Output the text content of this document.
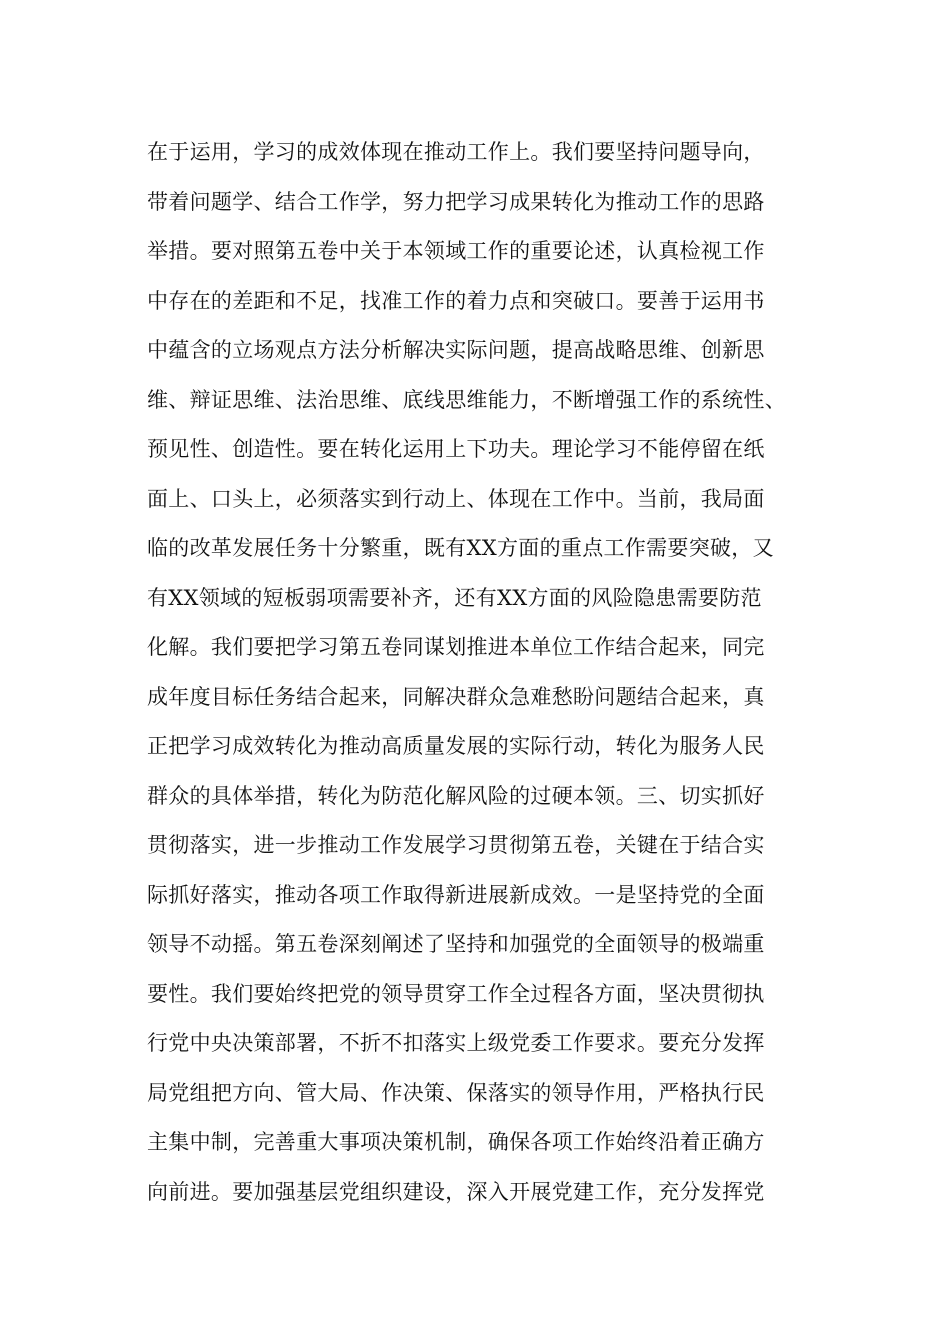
在于运用，学习的成效体现在推动工作上。我们要坚持问题导向，
带着问题学、结合工作学，努力把学习成果转化为推动工作的思路
举措。要对照第五卷中关于本领域工作的重要论述，认真检视工作
中存在的差距和不足，找准工作的着力点和突破口。要善于运用书
中蕴含的立场观点方法分析解决实际问题，提高战略思维、创新思
维、辩证思维、法治思维、底线思维能力，不断增强工作的系统性、
预见性、创造性。要在转化运用上下功夫。理论学习不能停留在纸
面上、口头上，必须落实到行动上、体现在工作中。当前，我局面
临的改革发展任务十分繁重，既有XX方面的重点工作需要突破，又
有XX领域的短板弱项需要补齐，还有XX方面的风险隐患需要防范
化解。我们要把学习第五卷同谋划推进本单位工作结合起来，同完
成年度目标任务结合起来，同解决群众急难愁盼问题结合起来，真
正把学习成效转化为推动高质量发展的实际行动，转化为服务人民
群众的具体举措，转化为防范化解风险的过硬本领。三、切实抓好
贯彻落实，进一步推动工作发展学习贯彻第五卷，关键在于结合实
际抓好落实，推动各项工作取得新进展新成效。一是坚持党的全面
领导不动摇。第五卷深刻阐述了坚持和加强党的全面领导的极端重
要性。我们要始终把党的领导贯穿工作全过程各方面，坚决贯彻执
行党中央决策部署，不折不扣落实上级党委工作要求。要充分发挥
局党组把方向、管大局、作决策、保落实的领导作用，严格执行民
主集中制，完善重大事项决策机制，确保各项工作始终沿着正确方
向前进。要加强基层党组织建设，深入开展党建工作，充分发挥党
